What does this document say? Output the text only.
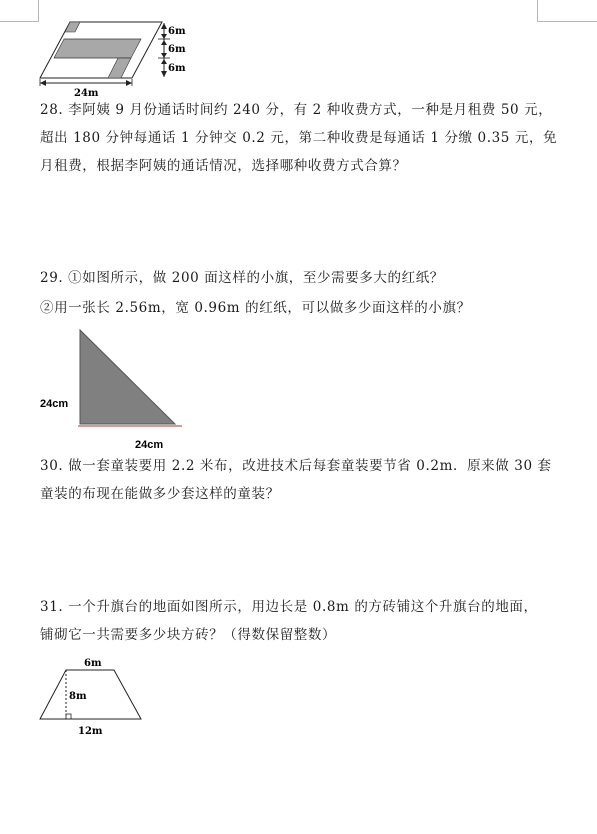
6m
6m
6m
24m

28. 李阿姨 9 月份通话时间约 240 分，有 2 种收费方式，一种是月租费 50 元，

超出 180 分钟每通话 1 分钟交 0.2 元，第二种收费是每通话 1 分缴 0.35 元，免

月租费，根据李阿姨的通话情况，选择哪种收费方式合算？

29. ①如图所示，做 200 面这样的小旗，至少需要多大的红纸？

②用一张长 2.56m，宽 0.96m 的红纸，可以做多少面这样的小旗？

24cm
24cm

30. 做一套童装要用 2.2 米布，改进技术后每套童装要节省 0.2m．原来做 30 套

童装的布现在能做多少套这样的童装？

31. 一个升旗台的地面如图所示，用边长是 0.8m 的方砖铺这个升旗台的地面，

铺砌它一共需要多少块方砖？（得数保留整数）

6m
8m
12m
